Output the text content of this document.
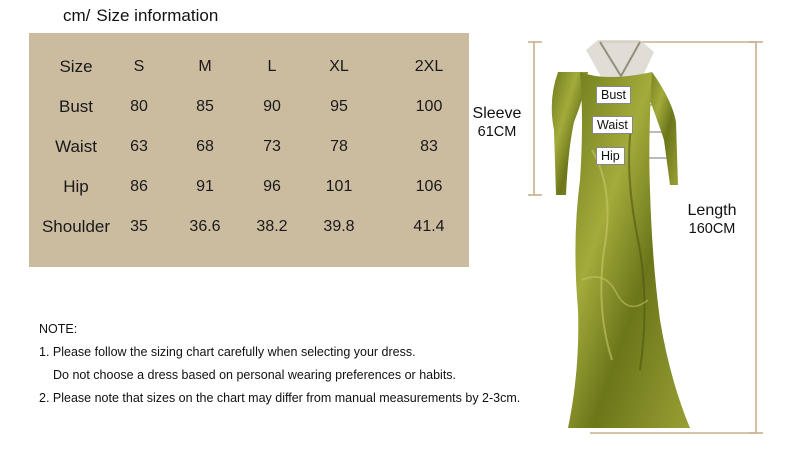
cm/ Size information
Size	S	M	L	XL	2XL
Bust	80	85	90	95	100
Waist	63	68	73	78	83
Hip	86	91	96	101	106
Shoulder	35	36.6	38.2	39.8	41.4
NOTE:
1. Please follow the sizing chart carefully when selecting your dress.
Do not choose a dress based on personal wearing preferences or habits.
2. Please note that sizes on the chart may differ from manual measurements by 2-3cm.
Bust
Waist
Hip
Sleeve
61CM
Length
160CM
